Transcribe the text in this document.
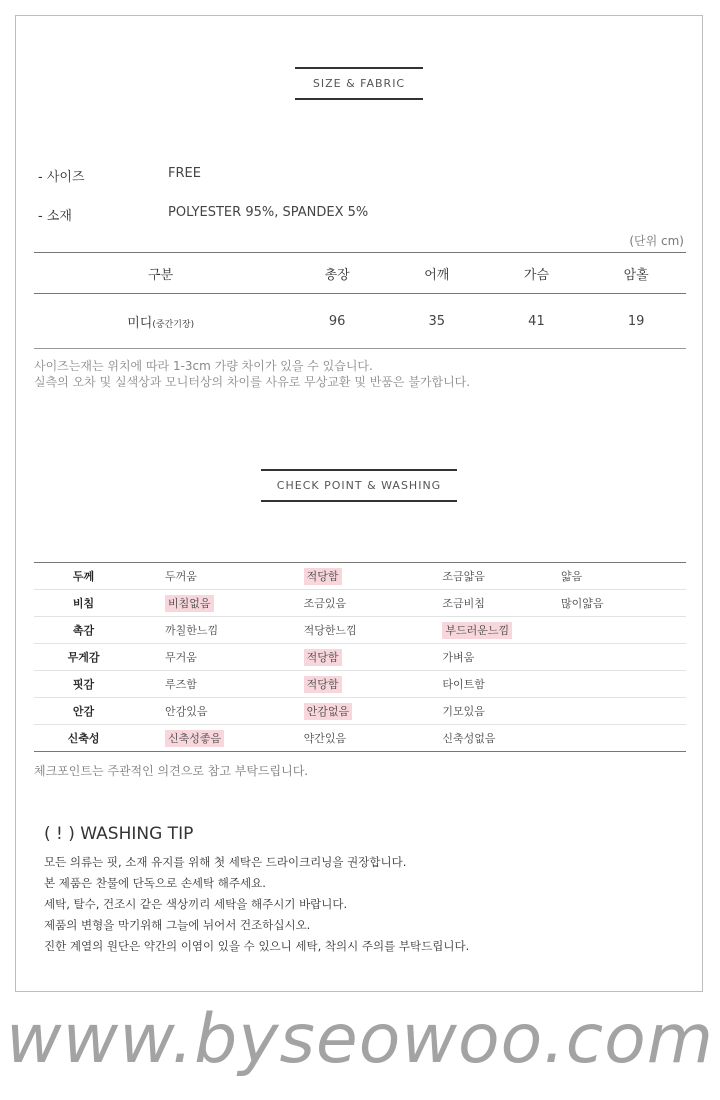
SIZE & FABRIC
- 사이즈	FREE
- 소재	POLYESTER 95%, SPANDEX 5%
(단위 cm)
구분	총장	어깨	가슴	암홀
미디(중간기장)	96	35	41	19
사이즈는재는 위치에 따라 1-3cm 가량 차이가 있을 수 있습니다.
실측의 오차 및 실색상과 모니터상의 차이를 사유로 무상교환 및 반품은 불가합니다.
CHECK POINT & WASHING
두께	두꺼움	적당함	조금얇음	얇음
비침	비침없음	조금있음	조금비침	많이얇음
촉감	까칠한느낌	적당한느낌	부드러운느낌	
무게감	무거움	적당함	가벼움	
핏감	루즈함	적당함	타이트함	
안감	안감있음	안감없음	기모있음	
신축성	신축성좋음	약간있음	신축성없음	
체크포인트는 주관적인 의견으로 참고 부탁드립니다.
( ! ) WASHING TIP
모든 의류는 핏, 소재 유지를 위해 첫 세탁은 드라이크리닝을 권장합니다.
본 제품은 찬물에 단독으로 손세탁 해주세요.
세탁, 탈수, 건조시 같은 색상끼리 세탁을 해주시기 바랍니다.
제품의 변형을 막기위해 그늘에 뉘어서 건조하십시오.
진한 계열의 원단은 약간의 이염이 있을 수 있으니 세탁, 착의시 주의를 부탁드립니다.
www.byseowoo.com
